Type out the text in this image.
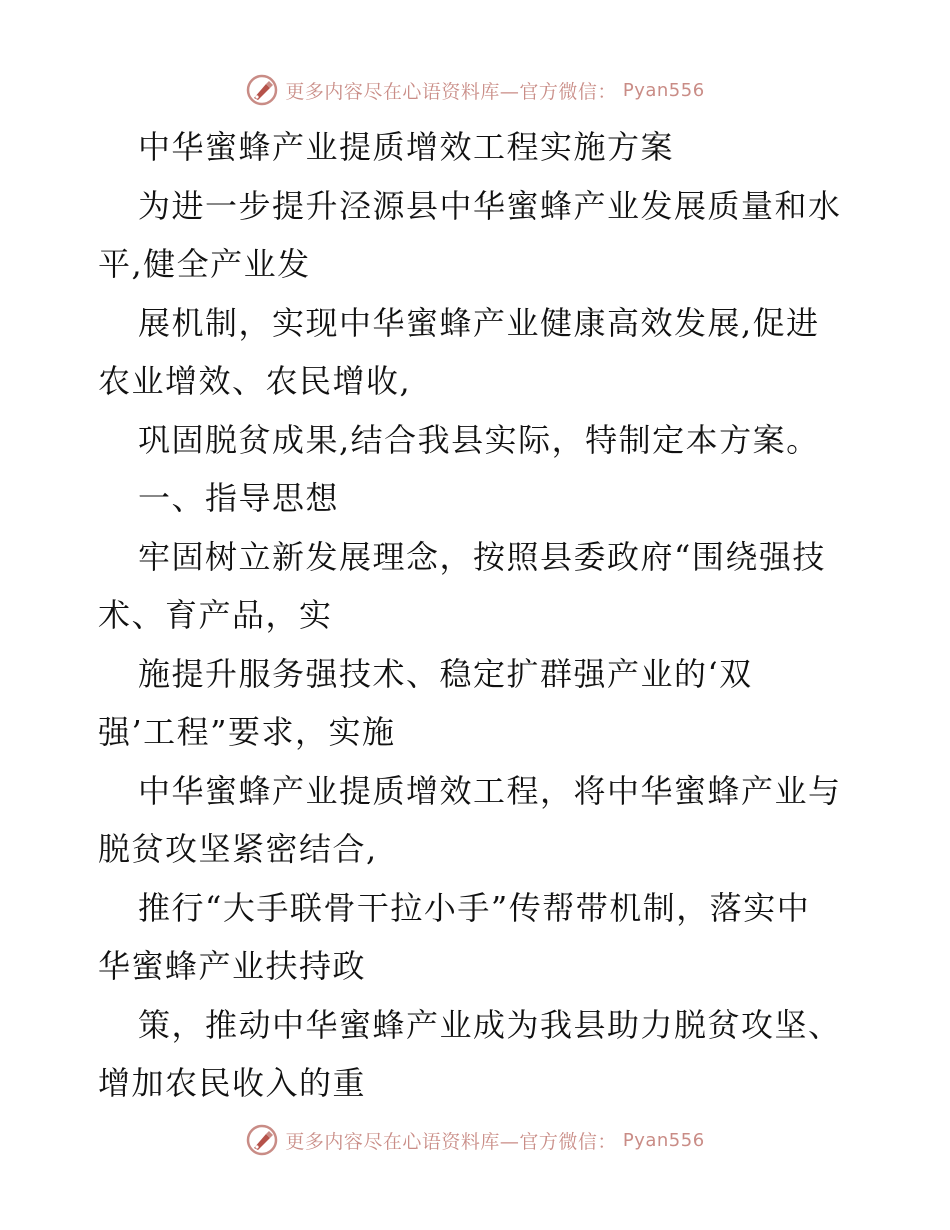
更多内容尽在心语资料库—官方微信： Pyan556
中华蜜蜂产业提质增效工程实施方案
为进一步提升泾源县中华蜜蜂产业发展质量和水
平,健全产业发
展机制，实现中华蜜蜂产业健康高效发展,促进
农业增效、农民增收,
巩固脱贫成果,结合我县实际，特制定本方案。
一、指导思想
牢固树立新发展理念，按照县委政府“围绕强技
术、育产品，实
施提升服务强技术、稳定扩群强产业的‘双
强’工程”要求，实施
中华蜜蜂产业提质增效工程，将中华蜜蜂产业与
脱贫攻坚紧密结合,
推行“大手联骨干拉小手”传帮带机制，落实中
华蜜蜂产业扶持政
策，推动中华蜜蜂产业成为我县助力脱贫攻坚、
增加农民收入的重
更多内容尽在心语资料库—官方微信： Pyan556
